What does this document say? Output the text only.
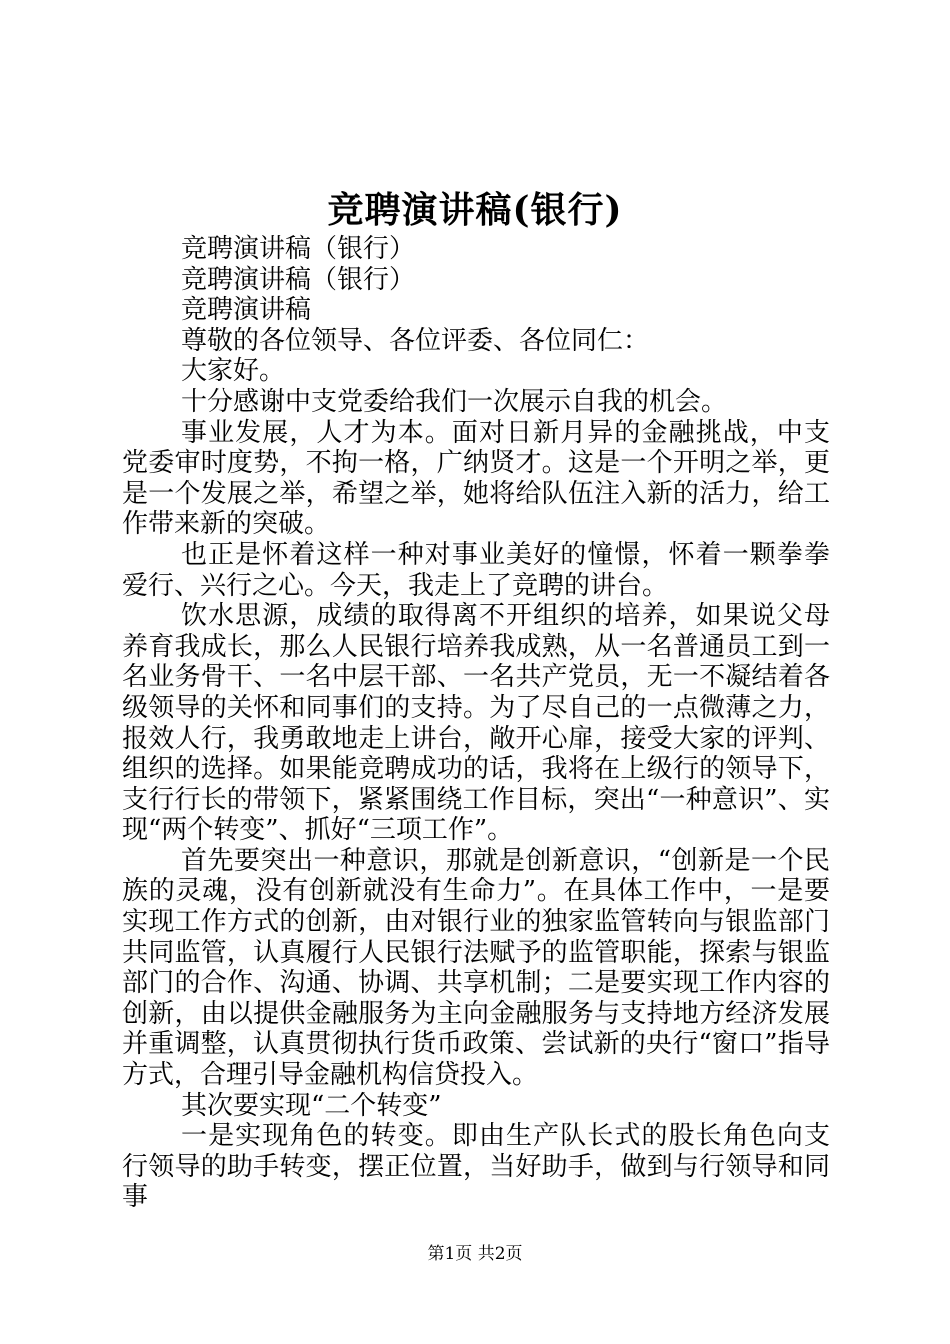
竞聘演讲稿(银行)

竞聘演讲稿（银行）

竞聘演讲稿（银行）

竞聘演讲稿

尊敬的各位领导、各位评委、各位同仁：

大家好。

十分感谢中支党委给我们一次展示自我的机会。

事业发展，人才为本。面对日新月异的金融挑战，中支党委审时度势，不拘一格，广纳贤才。这是一个开明之举，更是一个发展之举，希望之举，她将给队伍注入新的活力，给工作带来新的突破。

也正是怀着这样一种对事业美好的憧憬，怀着一颗拳拳爱行、兴行之心。今天，我走上了竞聘的讲台。

饮水思源，成绩的取得离不开组织的培养，如果说父母养育我成长，那么人民银行培养我成熟，从一名普通员工到一名业务骨干、一名中层干部、一名共产党员，无一不凝结着各级领导的关怀和同事们的支持。为了尽自己的一点微薄之力，报效人行，我勇敢地走上讲台，敞开心扉，接受大家的评判、组织的选择。如果能竞聘成功的话，我将在上级行的领导下，支行行长的带领下，紧紧围绕工作目标，突出“一种意识”、实现“两个转变”、抓好“三项工作”。

首先要突出一种意识，那就是创新意识，“创新是一个民族的灵魂，没有创新就没有生命力”。在具体工作中，一是要实现工作方式的创新，由对银行业的独家监管转向与银监部门共同监管，认真履行人民银行法赋予的监管职能，探索与银监部门的合作、沟通、协调、共享机制；二是要实现工作内容的创新，由以提供金融服务为主向金融服务与支持地方经济发展并重调整，认真贯彻执行货币政策、尝试新的央行“窗口”指导方式，合理引导金融机构信贷投入。

其次要实现“二个转变”

一是实现角色的转变。即由生产队长式的股长角色向支行领导的助手转变，摆正位置，当好助手，做到与行领导和同事

第1页 共2页
